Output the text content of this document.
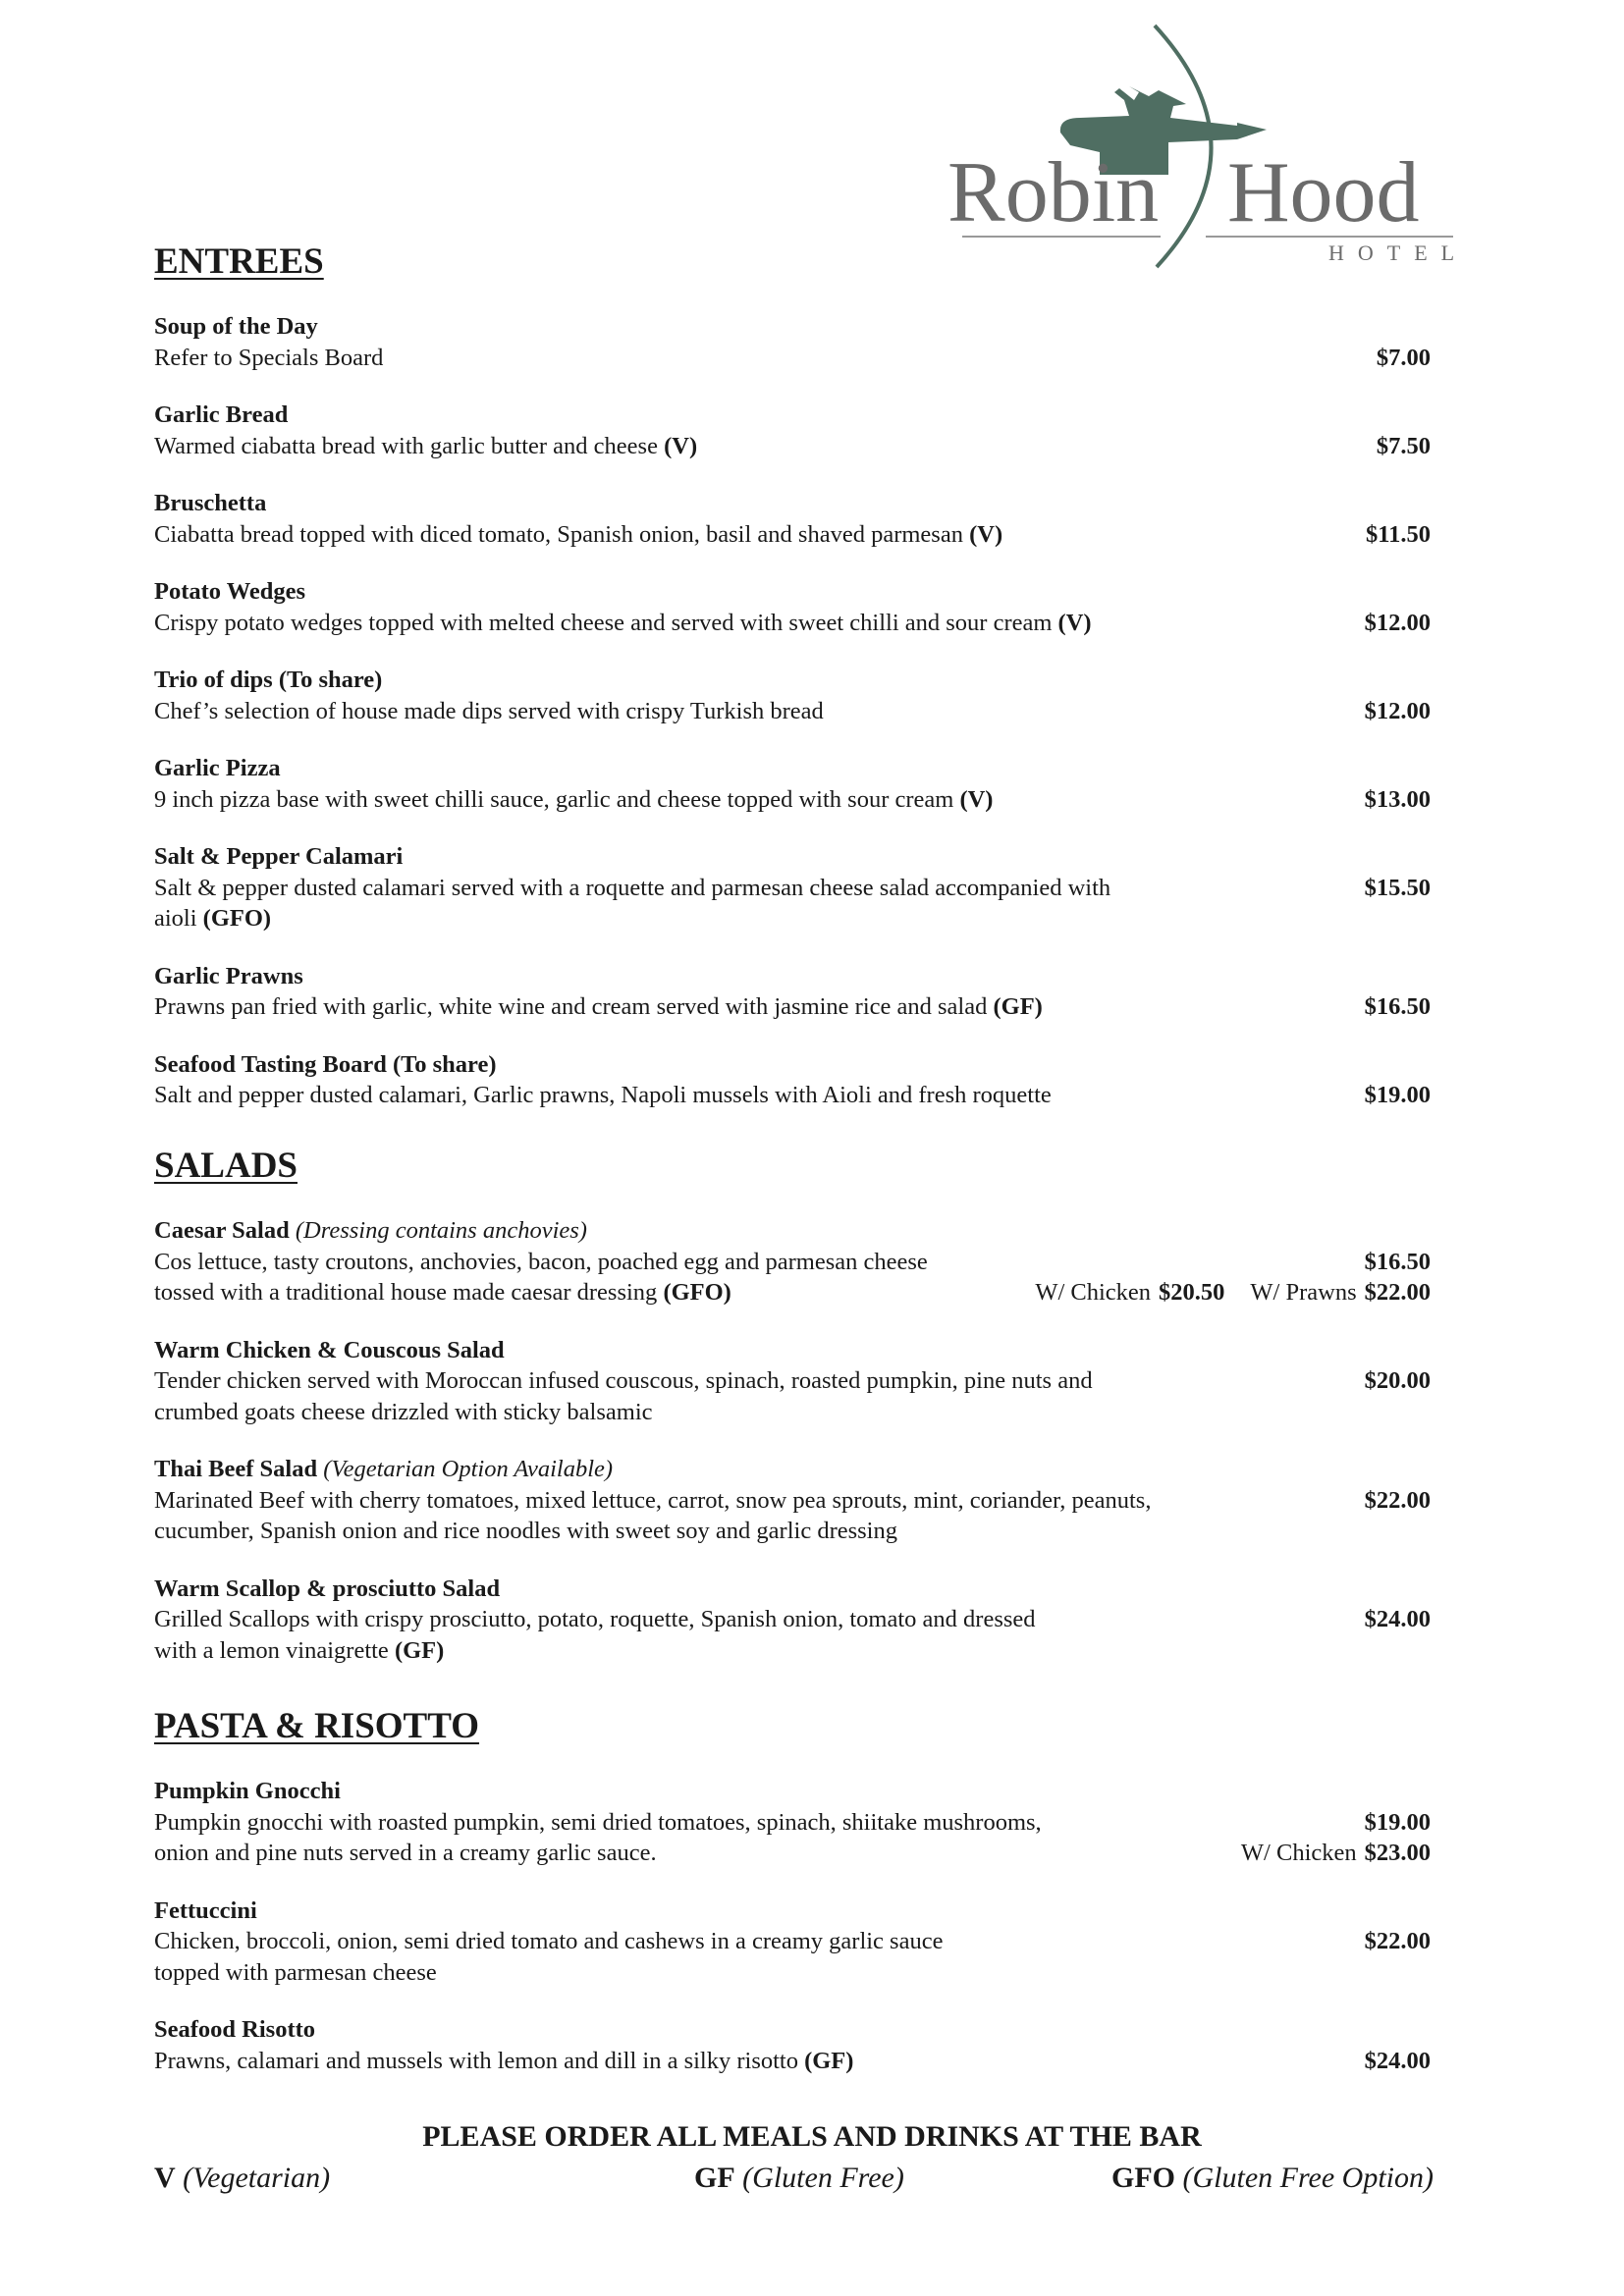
Robin Hood
HOTEL
ENTREES
Soup of the Day
Refer to Specials Board	$7.00
Garlic Bread
Warmed ciabatta bread with garlic butter and cheese (V)	$7.50
Bruschetta
Ciabatta bread topped with diced tomato, Spanish onion, basil and shaved parmesan (V)	$11.50
Potato Wedges
Crispy potato wedges topped with melted cheese and served with sweet chilli and sour cream (V)	$12.00
Trio of dips (To share)
Chef’s selection of house made dips served with crispy Turkish bread	$12.00
Garlic Pizza
9 inch pizza base with sweet chilli sauce, garlic and cheese topped with sour cream (V)	$13.00
Salt & Pepper Calamari
Salt & pepper dusted calamari served with a roquette and parmesan cheese salad accompanied with
aioli (GFO)
$15.50
Garlic Prawns
Prawns pan fried with garlic, white wine and cream served with jasmine rice and salad (GF)	$16.50
Seafood Tasting Board (To share)
Salt and pepper dusted calamari, Garlic prawns, Napoli mussels with Aioli and fresh roquette	$19.00
SALADS
Caesar Salad (Dressing contains anchovies)
Cos lettuce, tasty croutons, anchovies, bacon, poached egg and parmesan cheese
tossed with a traditional house made caesar dressing (GFO)
$16.50
W/ Chicken $20.50 W/ Prawns $22.00
Warm Chicken & Couscous Salad
Tender chicken served with Moroccan infused couscous, spinach, roasted pumpkin, pine nuts and
crumbed goats cheese drizzled with sticky balsamic
$20.00
Thai Beef Salad (Vegetarian Option Available)
Marinated Beef with cherry tomatoes, mixed lettuce, carrot, snow pea sprouts, mint, coriander, peanuts,
cucumber, Spanish onion and rice noodles with sweet soy and garlic dressing
$22.00
Warm Scallop & prosciutto Salad
Grilled Scallops with crispy prosciutto, potato, roquette, Spanish onion, tomato and dressed
with a lemon vinaigrette (GF)
$24.00
PASTA & RISOTTO
Pumpkin Gnocchi
Pumpkin gnocchi with roasted pumpkin, semi dried tomatoes, spinach, shiitake mushrooms,
onion and pine nuts served in a creamy garlic sauce.
$19.00
W/ Chicken $23.00
Fettuccini
Chicken, broccoli, onion, semi dried tomato and cashews in a creamy garlic sauce
topped with parmesan cheese
$22.00
Seafood Risotto
Prawns, calamari and mussels with lemon and dill in a silky risotto (GF)	$24.00
PLEASE ORDER ALL MEALS AND DRINKS AT THE BAR
V (Vegetarian)	GF (Gluten Free)	GFO (Gluten Free Option)
